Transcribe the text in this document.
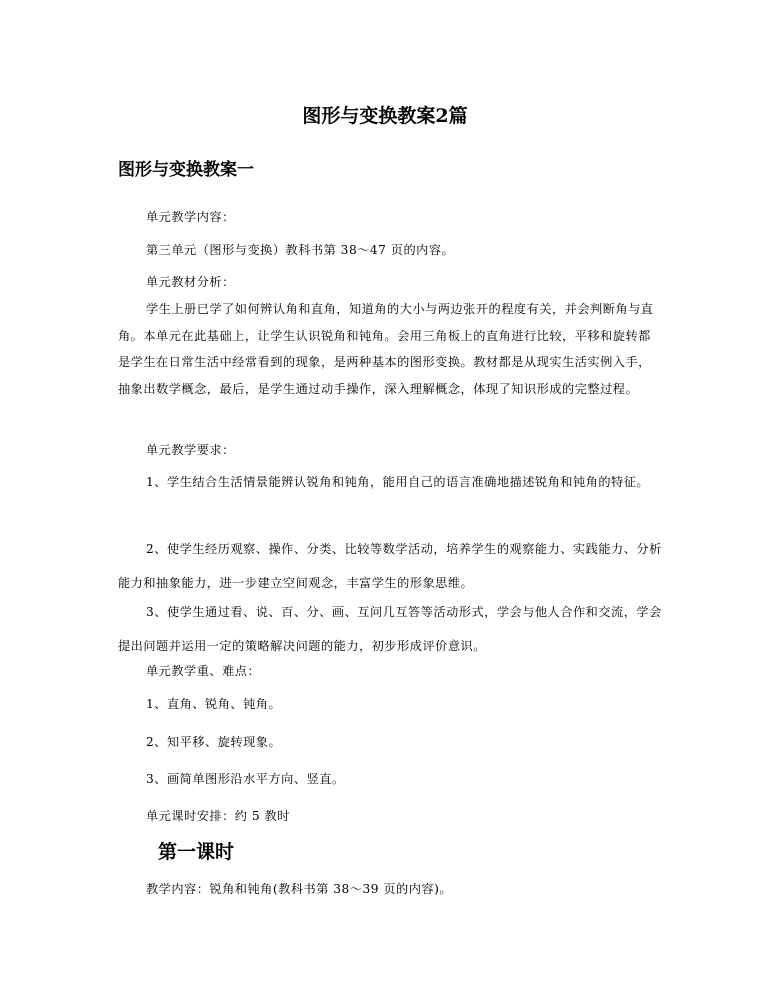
图形与变换教案2篇
图形与变换教案一
单元教学内容：
第三单元（图形与变换）教科书第 38～47 页的内容。
单元教材分析：
学生上册已学了如何辨认角和直角，知道角的大小与两边张开的程度有关，并会判断角与直角。本单元在此基础上，让学生认识锐角和钝角。会用三角板上的直角进行比较，平移和旋转都是学生在日常生活中经常看到的现象，是两种基本的图形变换。教材都是从现实生活实例入手，抽象出数学概念，最后，是学生通过动手操作，深入理解概念，体现了知识形成的完整过程。
单元教学要求：
1、学生结合生活情景能辨认锐角和钝角，能用自己的语言准确地描述锐角和钝角的特征。
2、使学生经历观察、操作、分类、比较等数学活动，培养学生的观察能力、实践能力、分析能力和抽象能力，进一步建立空间观念，丰富学生的形象思维。
3、使学生通过看、说、百、分、画、互问几互答等活动形式，学会与他人合作和交流，学会提出问题并运用一定的策略解决问题的能力，初步形成评价意识。
单元教学重、难点：
1、直角、锐角、钝角。
2、知平移、旋转现象。
3、画简单图形沿水平方向、竖直。
单元课时安排：约 5 教时
第一课时
教学内容：锐角和钝角(教科书第 38～39 页的内容)。
